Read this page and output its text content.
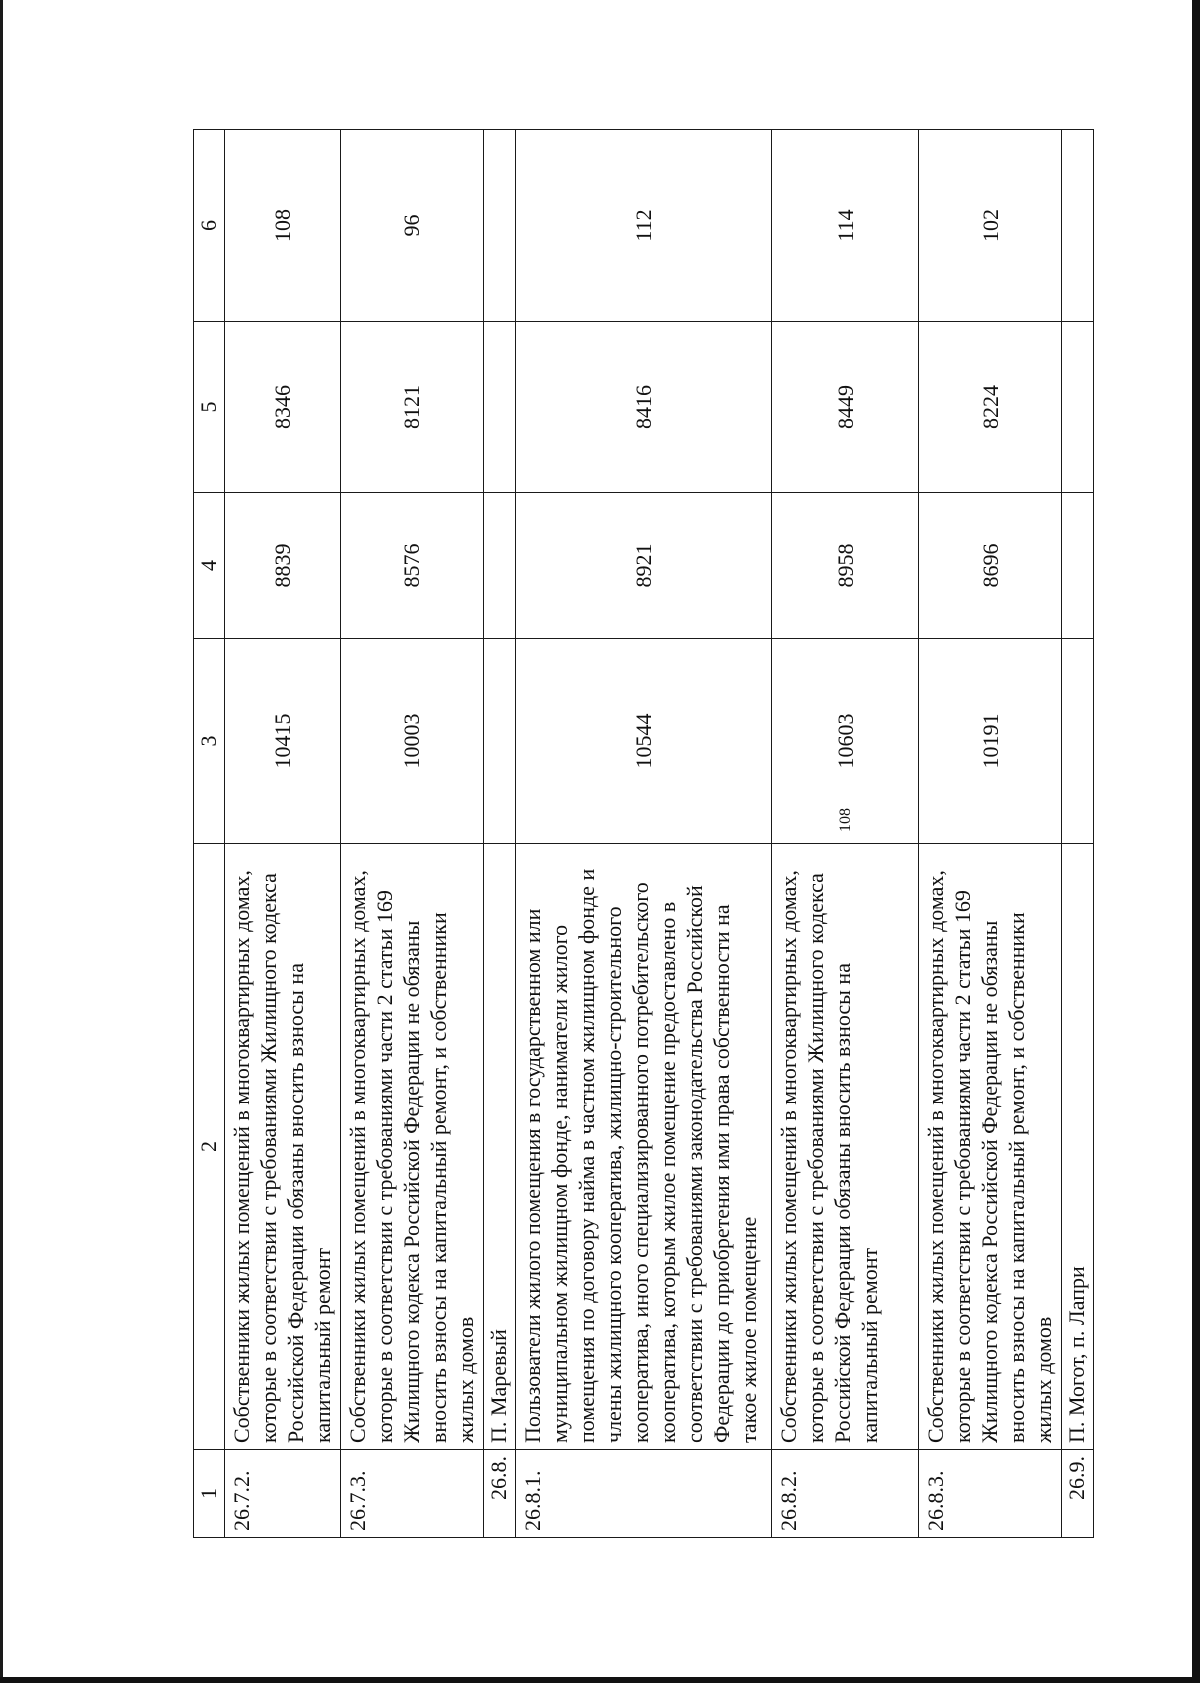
108
1	2	3	4	5	6
26.7.2.	Собственники жилых помещений в многоквартирных домах, которые в соответствии с требованиями Жилищного кодекса Российской Федерации обязаны вносить взносы на капитальный ремонт	10415	8839	8346	108
26.7.3.	Собственники жилых помещений в многоквартирных домах, которые в соответствии с требованиями части 2 статьи 169 Жилищного кодекса Российской Федерации не обязаны вносить взносы на капитальный ремонт, и собственники жилых домов	10003	8576	8121	96
26.8.	П. Маревый				
26.8.1.	Пользователи жилого помещения в государственном или муниципальном жилищном фонде, наниматели жилого помещения по договору найма в частном жилищном фонде и члены жилищного кооператива, жилищно-строительного кооператива, иного специализированного потребительского кооператива, которым жилое помещение предоставлено в соответствии с требованиями законодательства Российской Федерации до приобретения ими права собственности на такое жилое помещение	10544	8921	8416	112
26.8.2.	Собственники жилых помещений в многоквартирных домах, которые в соответствии с требованиями Жилищного кодекса Российской Федерации обязаны вносить взносы на капитальный ремонт	10603	8958	8449	114
26.8.3.	Собственники жилых помещений в многоквартирных домах, которые в соответствии с требованиями части 2 статьи 169 Жилищного кодекса Российской Федерации не обязаны вносить взносы на капитальный ремонт, и собственники жилых домов	10191	8696	8224	102
26.9.	П. Могот, п. Лапри				
